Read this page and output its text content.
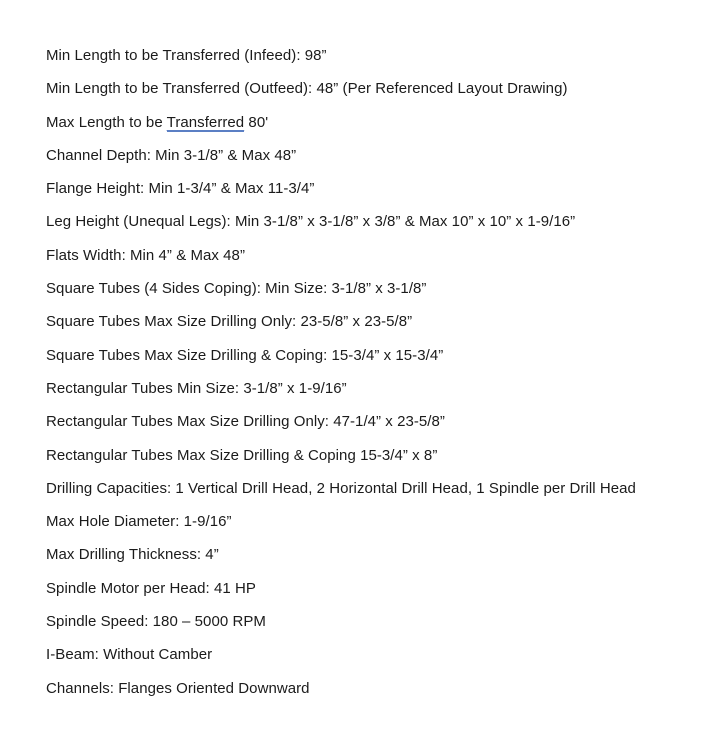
Min Length to be Transferred (Infeed): 98”
Min Length to be Transferred (Outfeed): 48” (Per Referenced Layout Drawing)
Max Length to be Transferred 80'
Channel Depth: Min 3-1/8” & Max 48”
Flange Height: Min 1-3/4” & Max 11-3/4”
Leg Height (Unequal Legs): Min 3-1/8” x 3-1/8” x 3/8” & Max 10” x 10” x 1-9/16”
Flats Width: Min 4” & Max 48”
Square Tubes (4 Sides Coping): Min Size: 3-1/8” x 3-1/8”
Square Tubes Max Size Drilling Only: 23-5/8” x 23-5/8”
Square Tubes Max Size Drilling & Coping: 15-3/4” x 15-3/4”
Rectangular Tubes Min Size: 3-1/8” x 1-9/16”
Rectangular Tubes Max Size Drilling Only: 47-1/4” x 23-5/8”
Rectangular Tubes Max Size Drilling & Coping 15-3/4” x 8”
Drilling Capacities: 1 Vertical Drill Head, 2 Horizontal Drill Head, 1 Spindle per Drill Head
Max Hole Diameter: 1-9/16”
Max Drilling Thickness: 4”
Spindle Motor per Head: 41 HP
Spindle Speed: 180 – 5000 RPM
I-Beam: Without Camber
Channels: Flanges Oriented Downward
